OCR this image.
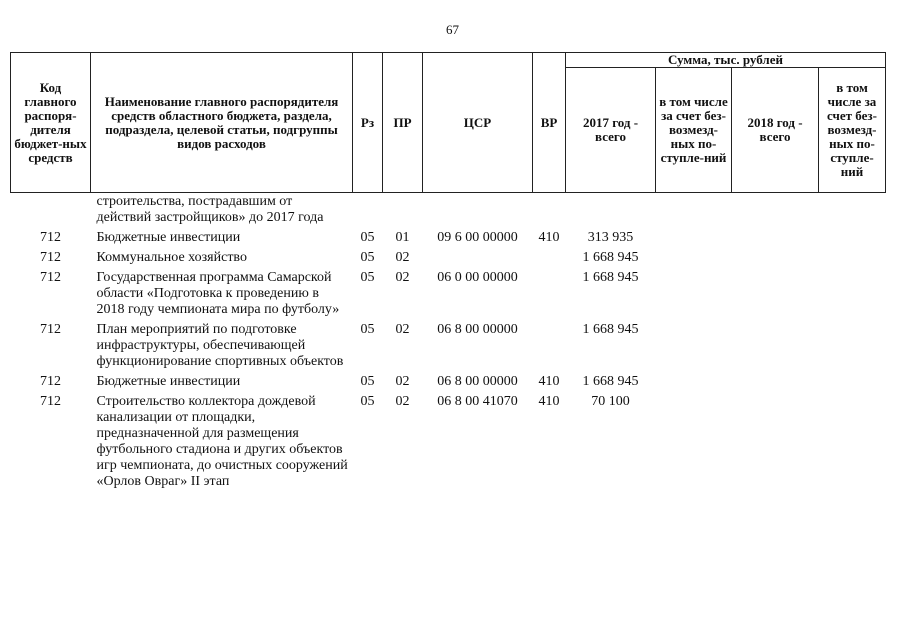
67
Код главного распоря-дителя бюджет-ных средств	Наименование главного распорядителя средств областного бюджета, раздела, подраздела, целевой статьи, подгруппы видов расходов	Рз	ПР	ЦСР	ВР	Сумма, тыс. рублей			
						2017 год - всего	в том числе за счет без-возмезд-ных по-ступле-ний	2018 год - всего	в том числе за счет без-возмезд-ных по-ступле-ний
	строительства, пострадавшим от действий застройщиков» до 2017 года								
712	Бюджетные инвестиции	05	01	09 6 00 00000	410	313 935			
712	Коммунальное хозяйство	05	02			1 668 945			
712	Государственная программа Самарской области «Подготовка к проведению в 2018 году чемпионата мира по футболу»	05	02	06 0 00 00000		1 668 945			
712	План мероприятий по подготовке инфраструктуры, обеспечивающей функционирование спортивных объектов	05	02	06 8 00 00000		1 668 945			
712	Бюджетные инвестиции	05	02	06 8 00 00000	410	1 668 945			
712	Строительство коллектора дождевой канализации от площадки, предназначенной для размещения футбольного стадиона и других объектов игр чемпионата, до очистных сооружений «Орлов Овраг» II этап	05	02	06 8 00 41070	410	70 100			
